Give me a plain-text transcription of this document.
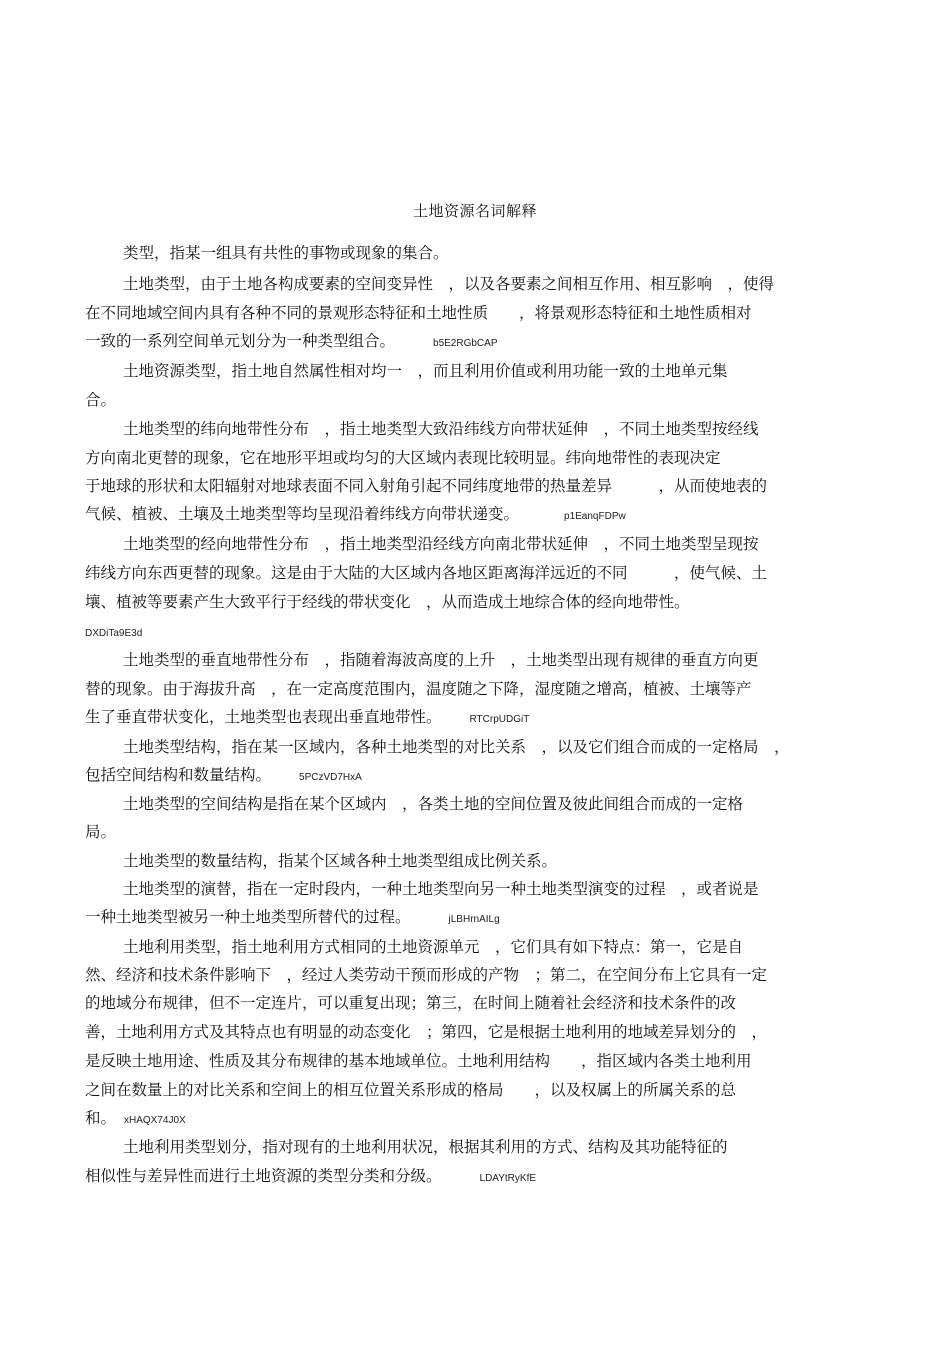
土地资源名词解释
类型，指某一组具有共性的事物或现象的集合。
土地类型，由于土地各构成要素的空间变异性　，以及各要素之间相互作用、相互影响　，使得
在不同地域空间内具有各种不同的景观形态特征和土地性质　　，将景观形态特征和土地性质相对
一致的一系列空间单元划分为一种类型组合。	b5E2RGbCAP
土地资源类型，指土地自然属性相对均一　，而且利用价值或利用功能一致的土地单元集
合。
土地类型的纬向地带性分布　，指土地类型大致沿纬线方向带状延伸　，不同土地类型按经线
方向南北更替的现象，它在地形平坦或均匀的大区域内表现比较明显。纬向地带性的表现决定
于地球的形状和太阳辐射对地球表面不同入射角引起不同纬度地带的热量差异　　　，从而使地表的
气候、植被、土壤及土地类型等均呈现沿着纬线方向带状递变。	p1EanqFDPw
土地类型的经向地带性分布　，指土地类型沿经线方向南北带状延伸　，不同土地类型呈现按
纬线方向东西更替的现象。这是由于大陆的大区域内各地区距离海洋远近的不同　　　，使气候、土
壤、植被等要素产生大致平行于经线的带状变化　，从而造成土地综合体的经向地带性。
DXDiTa9E3d
土地类型的垂直地带性分布　，指随着海波高度的上升　，土地类型出现有规律的垂直方向更
替的现象。由于海拔升高　，在一定高度范围内，温度随之下降，湿度随之增高，植被、土壤等产
生了垂直带状变化，土地类型也表现出垂直地带性。	RTCrpUDGiT
土地类型结构，指在某一区域内，各种土地类型的对比关系　，以及它们组合而成的一定格局　，
包括空间结构和数量结构。	5PCzVD7HxA
土地类型的空间结构是指在某个区域内　，各类土地的空间位置及彼此间组合而成的一定格
局。
土地类型的数量结构，指某个区域各种土地类型组成比例关系。
土地类型的演替，指在一定时段内，一种土地类型向另一种土地类型演变的过程　，或者说是
一种土地类型被另一种土地类型所替代的过程。	jLBHrnAILg
土地利用类型，指土地利用方式相同的土地资源单元　，它们具有如下特点：第一，它是自
然、经济和技术条件影响下　，经过人类劳动干预而形成的产物　；第二，在空间分布上它具有一定
的地域分布规律，但不一定连片，可以重复出现；第三，在时间上随着社会经济和技术条件的改
善，土地利用方式及其特点也有明显的动态变化　；第四，它是根据土地利用的地域差异划分的　，
是反映土地用途、性质及其分布规律的基本地域单位。土地利用结构　　，指区域内各类土地利用
之间在数量上的对比关系和空间上的相互位置关系形成的格局　　，以及权属上的所属关系的总
和。 xHAQX74J0X
土地利用类型划分，指对现有的土地利用状况，根据其利用的方式、结构及其功能特征的
相似性与差异性而进行土地资源的类型分类和分级。	LDAYtRyKfE
